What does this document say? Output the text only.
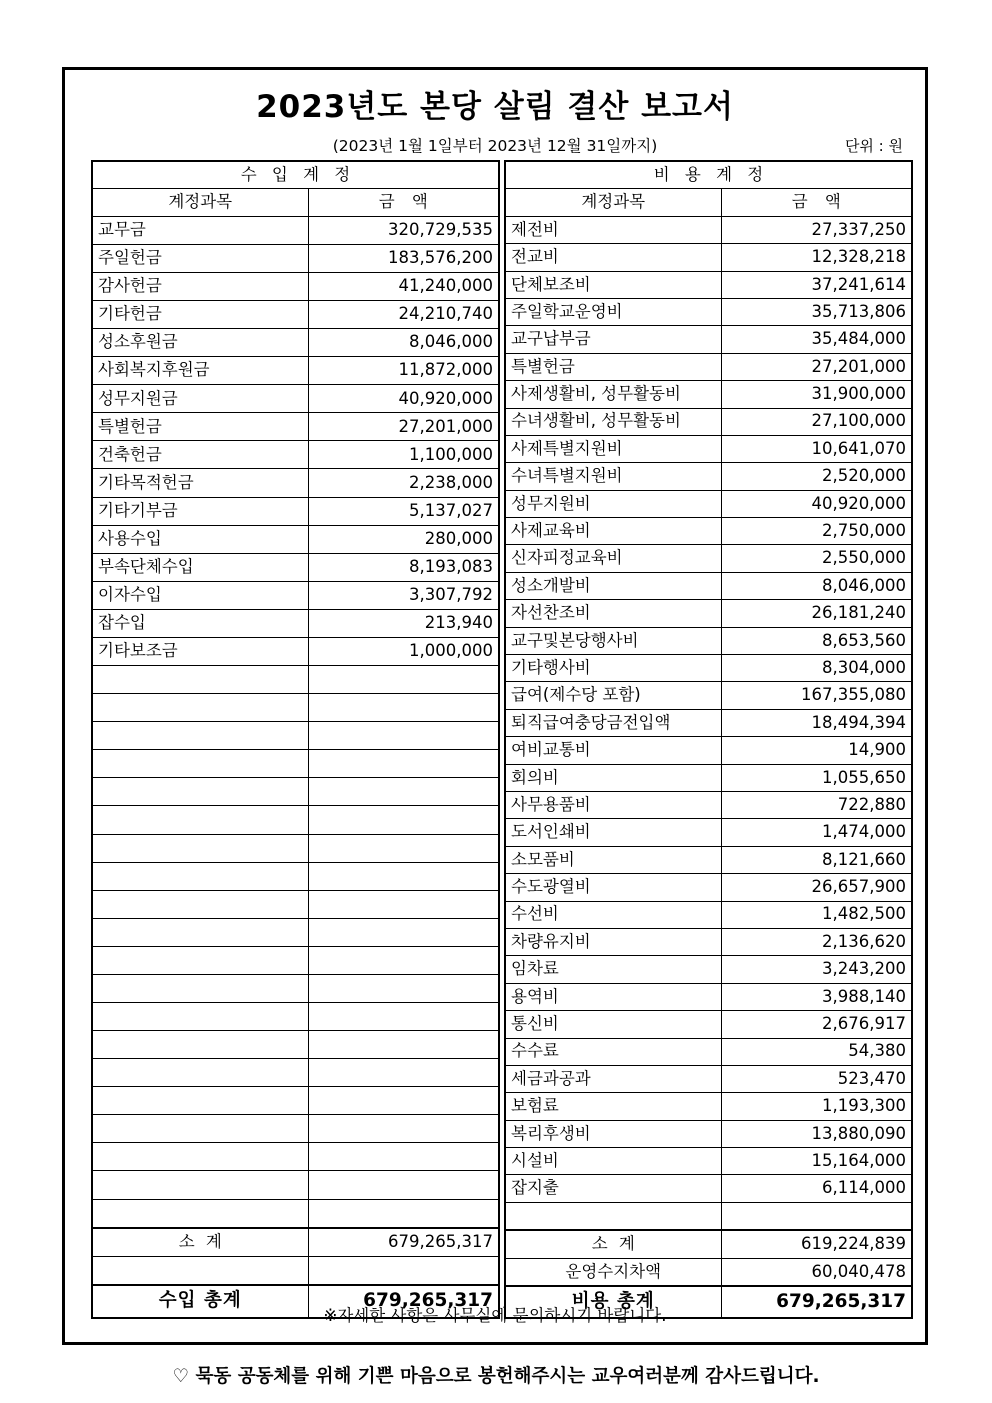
2023년도 본당 살림 결산 보고서
(2023년 1월 1일부터 2023년 12월 31일까지)	단위 : 원
수 입 계 정	
계정과목	금 액
교무금	320,729,535
주일헌금	183,576,200
감사헌금	41,240,000
기타헌금	24,210,740
성소후원금	8,046,000
사회복지후원금	11,872,000
성무지원금	40,920,000
특별헌금	27,201,000
건축헌금	1,100,000
기타목적헌금	2,238,000
기타기부금	5,137,027
사용수입	280,000
부속단체수입	8,193,083
이자수입	3,307,792
잡수입	213,940
기타보조금	1,000,000

소 계	679,265,317

수입 총계	679,265,317
비 용 계 정	
계정과목	금 액
제전비	27,337,250
전교비	12,328,218
단체보조비	37,241,614
주일학교운영비	35,713,806
교구납부금	35,484,000
특별헌금	27,201,000
사제생활비, 성무활동비	31,900,000
수녀생활비, 성무활동비	27,100,000
사제특별지원비	10,641,070
수녀특별지원비	2,520,000
성무지원비	40,920,000
사제교육비	2,750,000
신자피정교육비	2,550,000
성소개발비	8,046,000
자선찬조비	26,181,240
교구및본당행사비	8,653,560
기타행사비	8,304,000
급여(제수당 포함)	167,355,080
퇴직급여충당금전입액	18,494,394
여비교통비	14,900
회의비	1,055,650
사무용품비	722,880
도서인쇄비	1,474,000
소모품비	8,121,660
수도광열비	26,657,900
수선비	1,482,500
차량유지비	2,136,620
임차료	3,243,200
용역비	3,988,140
통신비	2,676,917
수수료	54,380
세금과공과	523,470
보험료	1,193,300
복리후생비	13,880,090
시설비	15,164,000
잡지출	6,114,000

소 계	619,224,839
운영수지차액	60,040,478
비용 총계	679,265,317
※자세한 사항은 사무실에 문의하시기 바랍니다.
♡ 묵동 공동체를 위해 기쁜 마음으로 봉헌해주시는 교우여러분께 감사드립니다.
